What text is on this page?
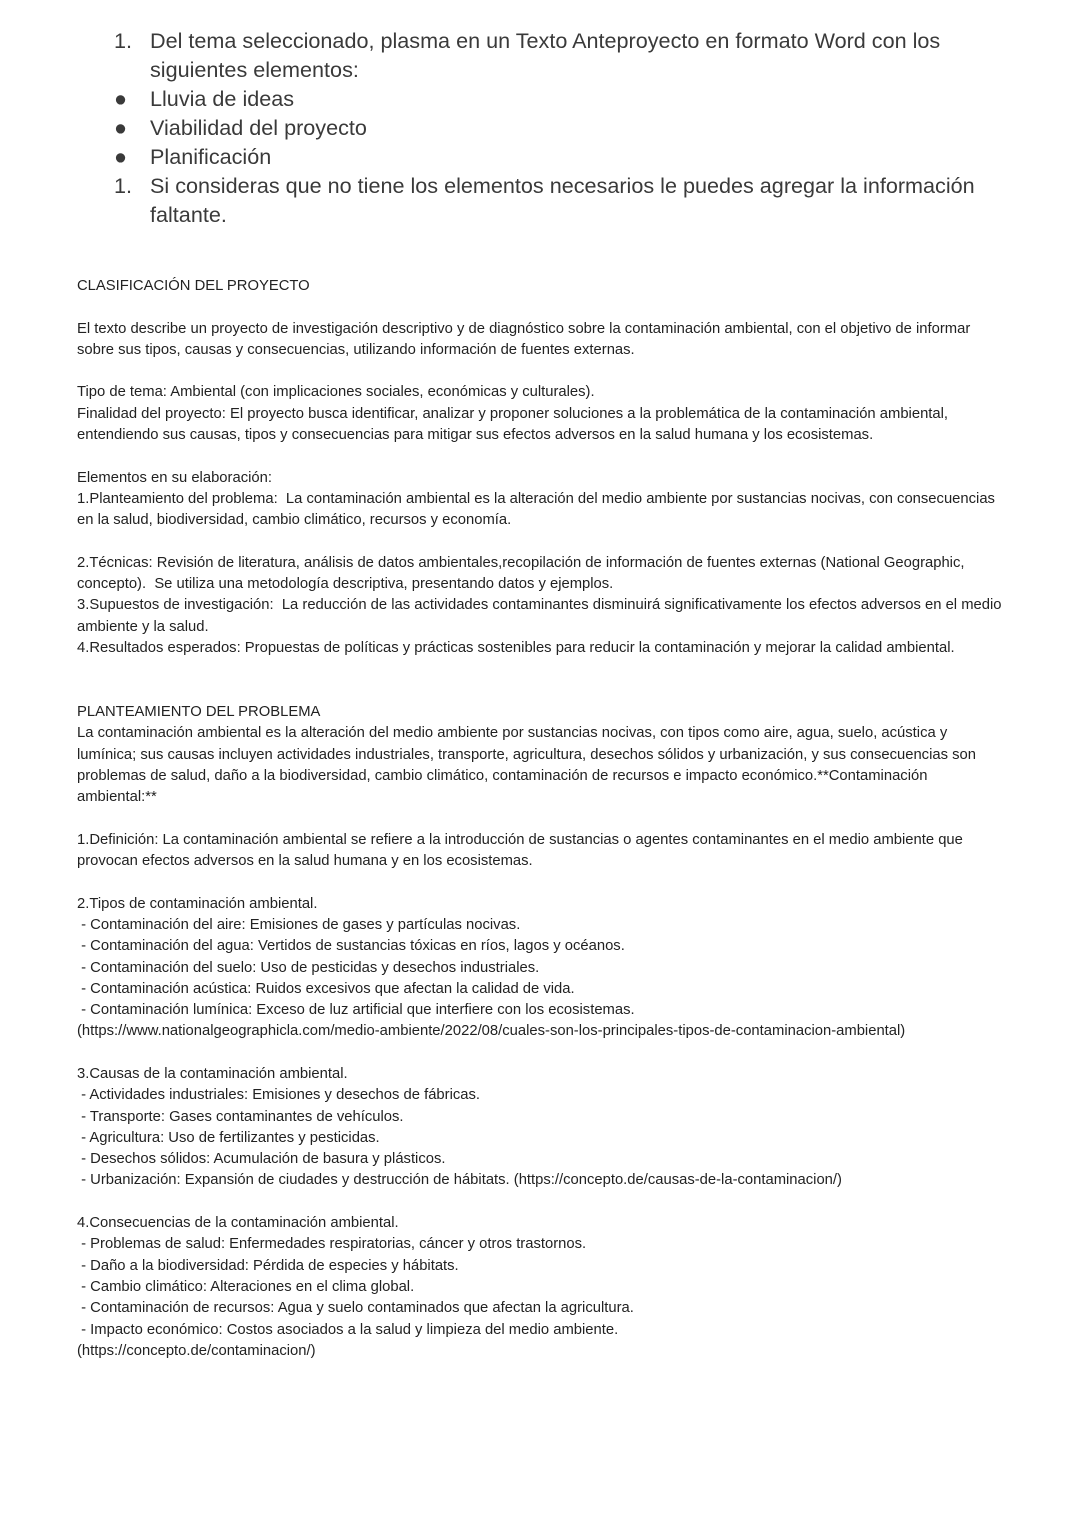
1. Del tema seleccionado, plasma en un Texto Anteproyecto en formato Word con los siguientes elementos:
● Lluvia de ideas
● Viabilidad del proyecto
● Planificación
1. Si consideras que no tiene los elementos necesarios le puedes agregar la información faltante.

CLASIFICACIÓN DEL PROYECTO

El texto describe un proyecto de investigación descriptivo y de diagnóstico sobre la contaminación ambiental, con el objetivo de informar sobre sus tipos, causas y consecuencias, utilizando información de fuentes externas.

Tipo de tema: Ambiental (con implicaciones sociales, económicas y culturales).

Finalidad del proyecto: El proyecto busca identificar, analizar y proponer soluciones a la problemática de la contaminación ambiental, entendiendo sus causas, tipos y consecuencias para mitigar sus efectos adversos en la salud humana y los ecosistemas.

Elementos en su elaboración:

1.Planteamiento del problema:  La contaminación ambiental es la alteración del medio ambiente por sustancias nocivas, con consecuencias en la salud, biodiversidad, cambio climático, recursos y economía.

2.Técnicas: Revisión de literatura, análisis de datos ambientales,recopilación de información de fuentes externas (National Geographic, concepto).  Se utiliza una metodología descriptiva, presentando datos y ejemplos.

3.Supuestos de investigación:  La reducción de las actividades contaminantes disminuirá significativamente los efectos adversos en el medio ambiente y la salud.

4.Resultados esperados: Propuestas de políticas y prácticas sostenibles para reducir la contaminación y mejorar la calidad ambiental.

PLANTEAMIENTO DEL PROBLEMA

La contaminación ambiental es la alteración del medio ambiente por sustancias nocivas, con tipos como aire, agua, suelo, acústica y lumínica; sus causas incluyen actividades industriales, transporte, agricultura, desechos sólidos y urbanización, y sus consecuencias son problemas de salud, daño a la biodiversidad, cambio climático, contaminación de recursos e impacto económico.**Contaminación ambiental:**

1.Definición: La contaminación ambiental se refiere a la introducción de sustancias o agentes contaminantes en el medio ambiente que provocan efectos adversos en la salud humana y en los ecosistemas.

2.Tipos de contaminación ambiental.

- Contaminación del aire: Emisiones de gases y partículas nocivas.

- Contaminación del agua: Vertidos de sustancias tóxicas en ríos, lagos y océanos.

- Contaminación del suelo: Uso de pesticidas y desechos industriales.

- Contaminación acústica: Ruidos excesivos que afectan la calidad de vida.

- Contaminación lumínica: Exceso de luz artificial que interfiere con los ecosistemas.

(https://www.nationalgeographicla.com/medio-ambiente/2022/08/cuales-son-los-principales-tipos-de-contaminacion-ambiental)

3.Causas de la contaminación ambiental.

- Actividades industriales: Emisiones y desechos de fábricas.

- Transporte: Gases contaminantes de vehículos.

- Agricultura: Uso de fertilizantes y pesticidas.

- Desechos sólidos: Acumulación de basura y plásticos.

- Urbanización: Expansión de ciudades y destrucción de hábitats. (https://concepto.de/causas-de-la-contaminacion/)

4.Consecuencias de la contaminación ambiental.

- Problemas de salud: Enfermedades respiratorias, cáncer y otros trastornos.

- Daño a la biodiversidad: Pérdida de especies y hábitats.

- Cambio climático: Alteraciones en el clima global.

- Contaminación de recursos: Agua y suelo contaminados que afectan la agricultura.

- Impacto económico: Costos asociados a la salud y limpieza del medio ambiente.

(https://concepto.de/contaminacion/)
